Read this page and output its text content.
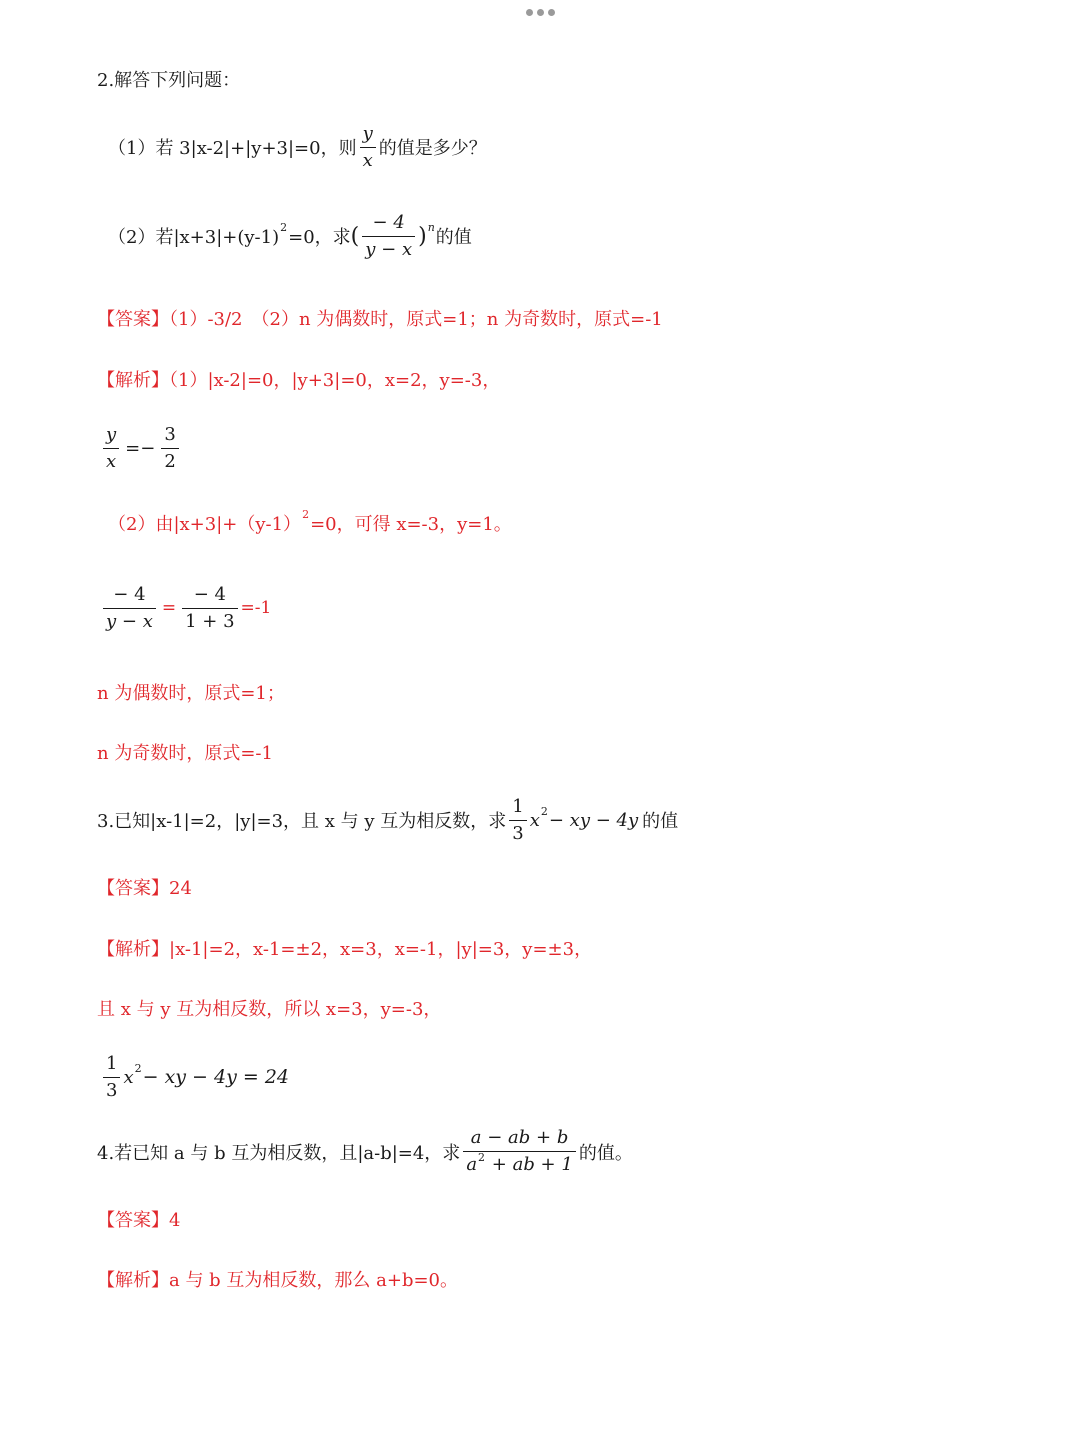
2.解答下列问题：
（1）若 3|x-2|+|y+3|=0，则
y
x
的值是多少？
（2）若|x+3|+(y-1) 2 =0，求 (
− 4
y − x
) n 的值
【答案】（1）-3/2　（2）n 为偶数时，原式=1；n 为奇数时，原式=-1
【解析】（1）|x-2|=0，|y+3|=0，x=2，y=-3，
y
x
=−
3
2
（2）由|x+3|+（y-1） 2 =0，可得 x=-3，y=1。
− 4
y − x
=
− 4
1 + 3
=-1
n 为偶数时，原式=1；
n 为奇数时，原式=-1
3.已知|x-1|=2，|y|=3，且 x 与 y 互为相反数，求
1
3
x 2 − xy − 4y 的值
【答案】24
【解析】|x-1|=2，x-1=±2，x=3，x=-1，|y|=3，y=±3，
且 x 与 y 互为相反数，所以 x=3，y=-3，
1
3
x 2 − xy − 4y = 24
4.若已知 a 与 b 互为相反数，且|a-b|=4，求
a − ab + b
$a^2$ + ab + 1 的值。
【答案】4
【解析】a 与 b 互为相反数，那么 a+b=0。
